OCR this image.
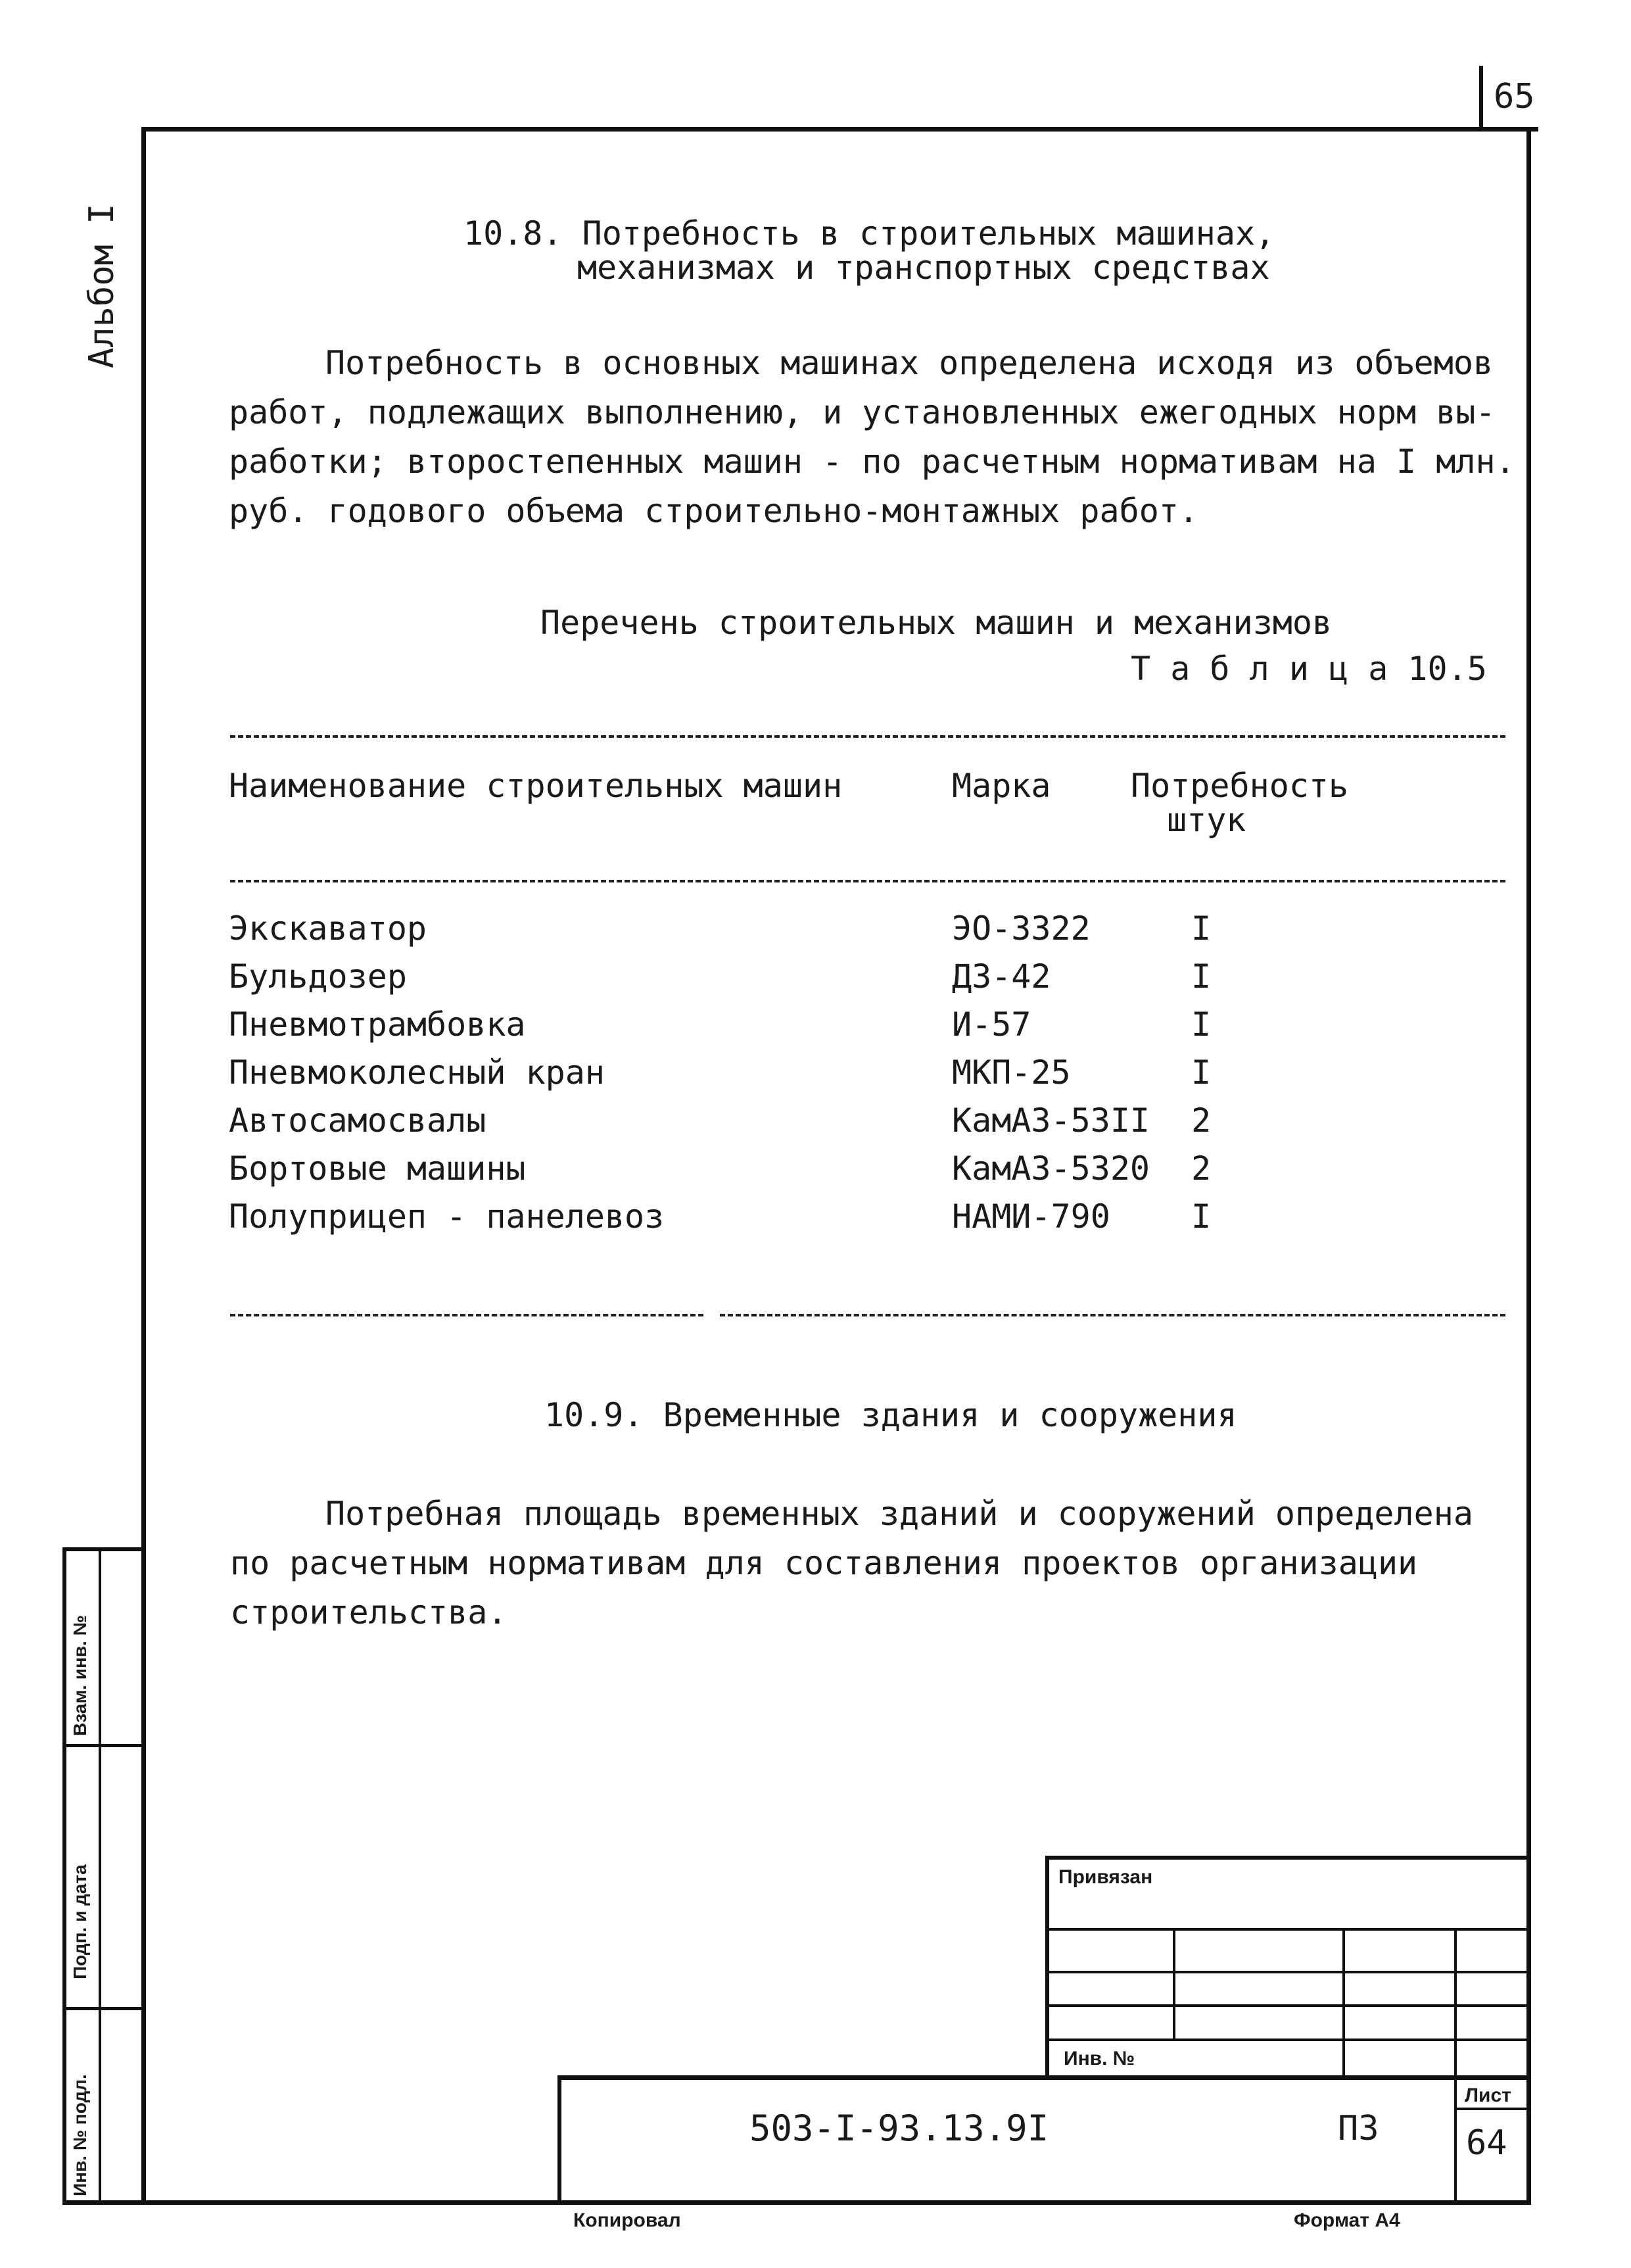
65
Альбом I	10.8. Потребность в строительных машинах,
механизмах и транспортных средствах
Потребность в основных машинах определена исходя из объемов
работ, подлежащих выполнению, и установленных ежегодных норм вы-
работки; второстепенных машин - по расчетным нормативам на I млн.
руб. годового объема строительно-монтажных работ.
Перечень строительных машин и механизмов
Т а б л и ц а 10.5
Наименование строительных машин	Марка Потребность
штук
Экскаватор	ЭО-3322	I
Бульдозер	ДЗ-42	I
Пневмотрамбовка	И-57	I
Пневмоколесный кран	МКП-25	I
Автосамосвалы	КамАЗ-53II 2
Бортовые машины	КамАЗ-5320 2
Полуприцеп - панелевоз	НАМИ-790 I
10.9. Временные здания и сооружения
Потребная площадь временных зданий и сооружений определена
по расчетным нормативам для составления проектов организации
строительства.
Взам. инв. №
Подп. и дата
Инв. № подл.
Привязан
Инв. №
503-I-93.13.9I	ПЗ
Лист
64
Копировал	Формат А4
